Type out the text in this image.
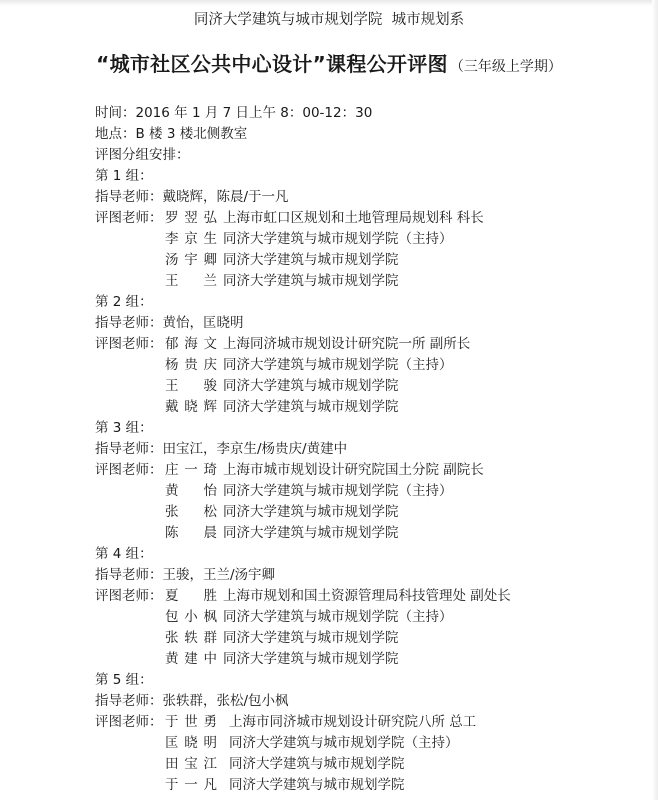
同济大学建筑与城市规划学院 城市规划系
“城市社区公共中心设计”课程公开评图 （三年级上学期）
时间：2016 年 1 月 7 日上午 8：00-12：30
地点：B 楼 3 楼北侧教室
评图分组安排：
第 1 组：
指导老师：戴晓辉，陈晨/于一凡
评图老师： 罗翌弘 上海市虹口区规划和土地管理局规划科 科长
李京生 同济大学建筑与城市规划学院（主持）
汤宇卿 同济大学建筑与城市规划学院
王兰 同济大学建筑与城市规划学院
第 2 组：
指导老师：黄怡，匡晓明
评图老师： 郁海文 上海同济城市规划设计研究院一所 副所长
杨贵庆 同济大学建筑与城市规划学院（主持）
王骏 同济大学建筑与城市规划学院
戴晓辉 同济大学建筑与城市规划学院
第 3 组：
指导老师：田宝江，李京生/杨贵庆/黄建中
评图老师： 庄一琦 上海市城市规划设计研究院国土分院 副院长
黄怡 同济大学建筑与城市规划学院（主持）
张松 同济大学建筑与城市规划学院
陈晨 同济大学建筑与城市规划学院
第 4 组：
指导老师：王骏，王兰/汤宇卿
评图老师： 夏胜 上海市规划和国土资源管理局科技管理处 副处长
包小枫 同济大学建筑与城市规划学院（主持）
张轶群 同济大学建筑与城市规划学院
黄建中 同济大学建筑与城市规划学院
第 5 组：
指导老师：张轶群，张松/包小枫
评图老师： 于世勇 上海市同济城市规划设计研究院八所 总工
匡晓明 同济大学建筑与城市规划学院（主持）
田宝江 同济大学建筑与城市规划学院
于一凡 同济大学建筑与城市规划学院
